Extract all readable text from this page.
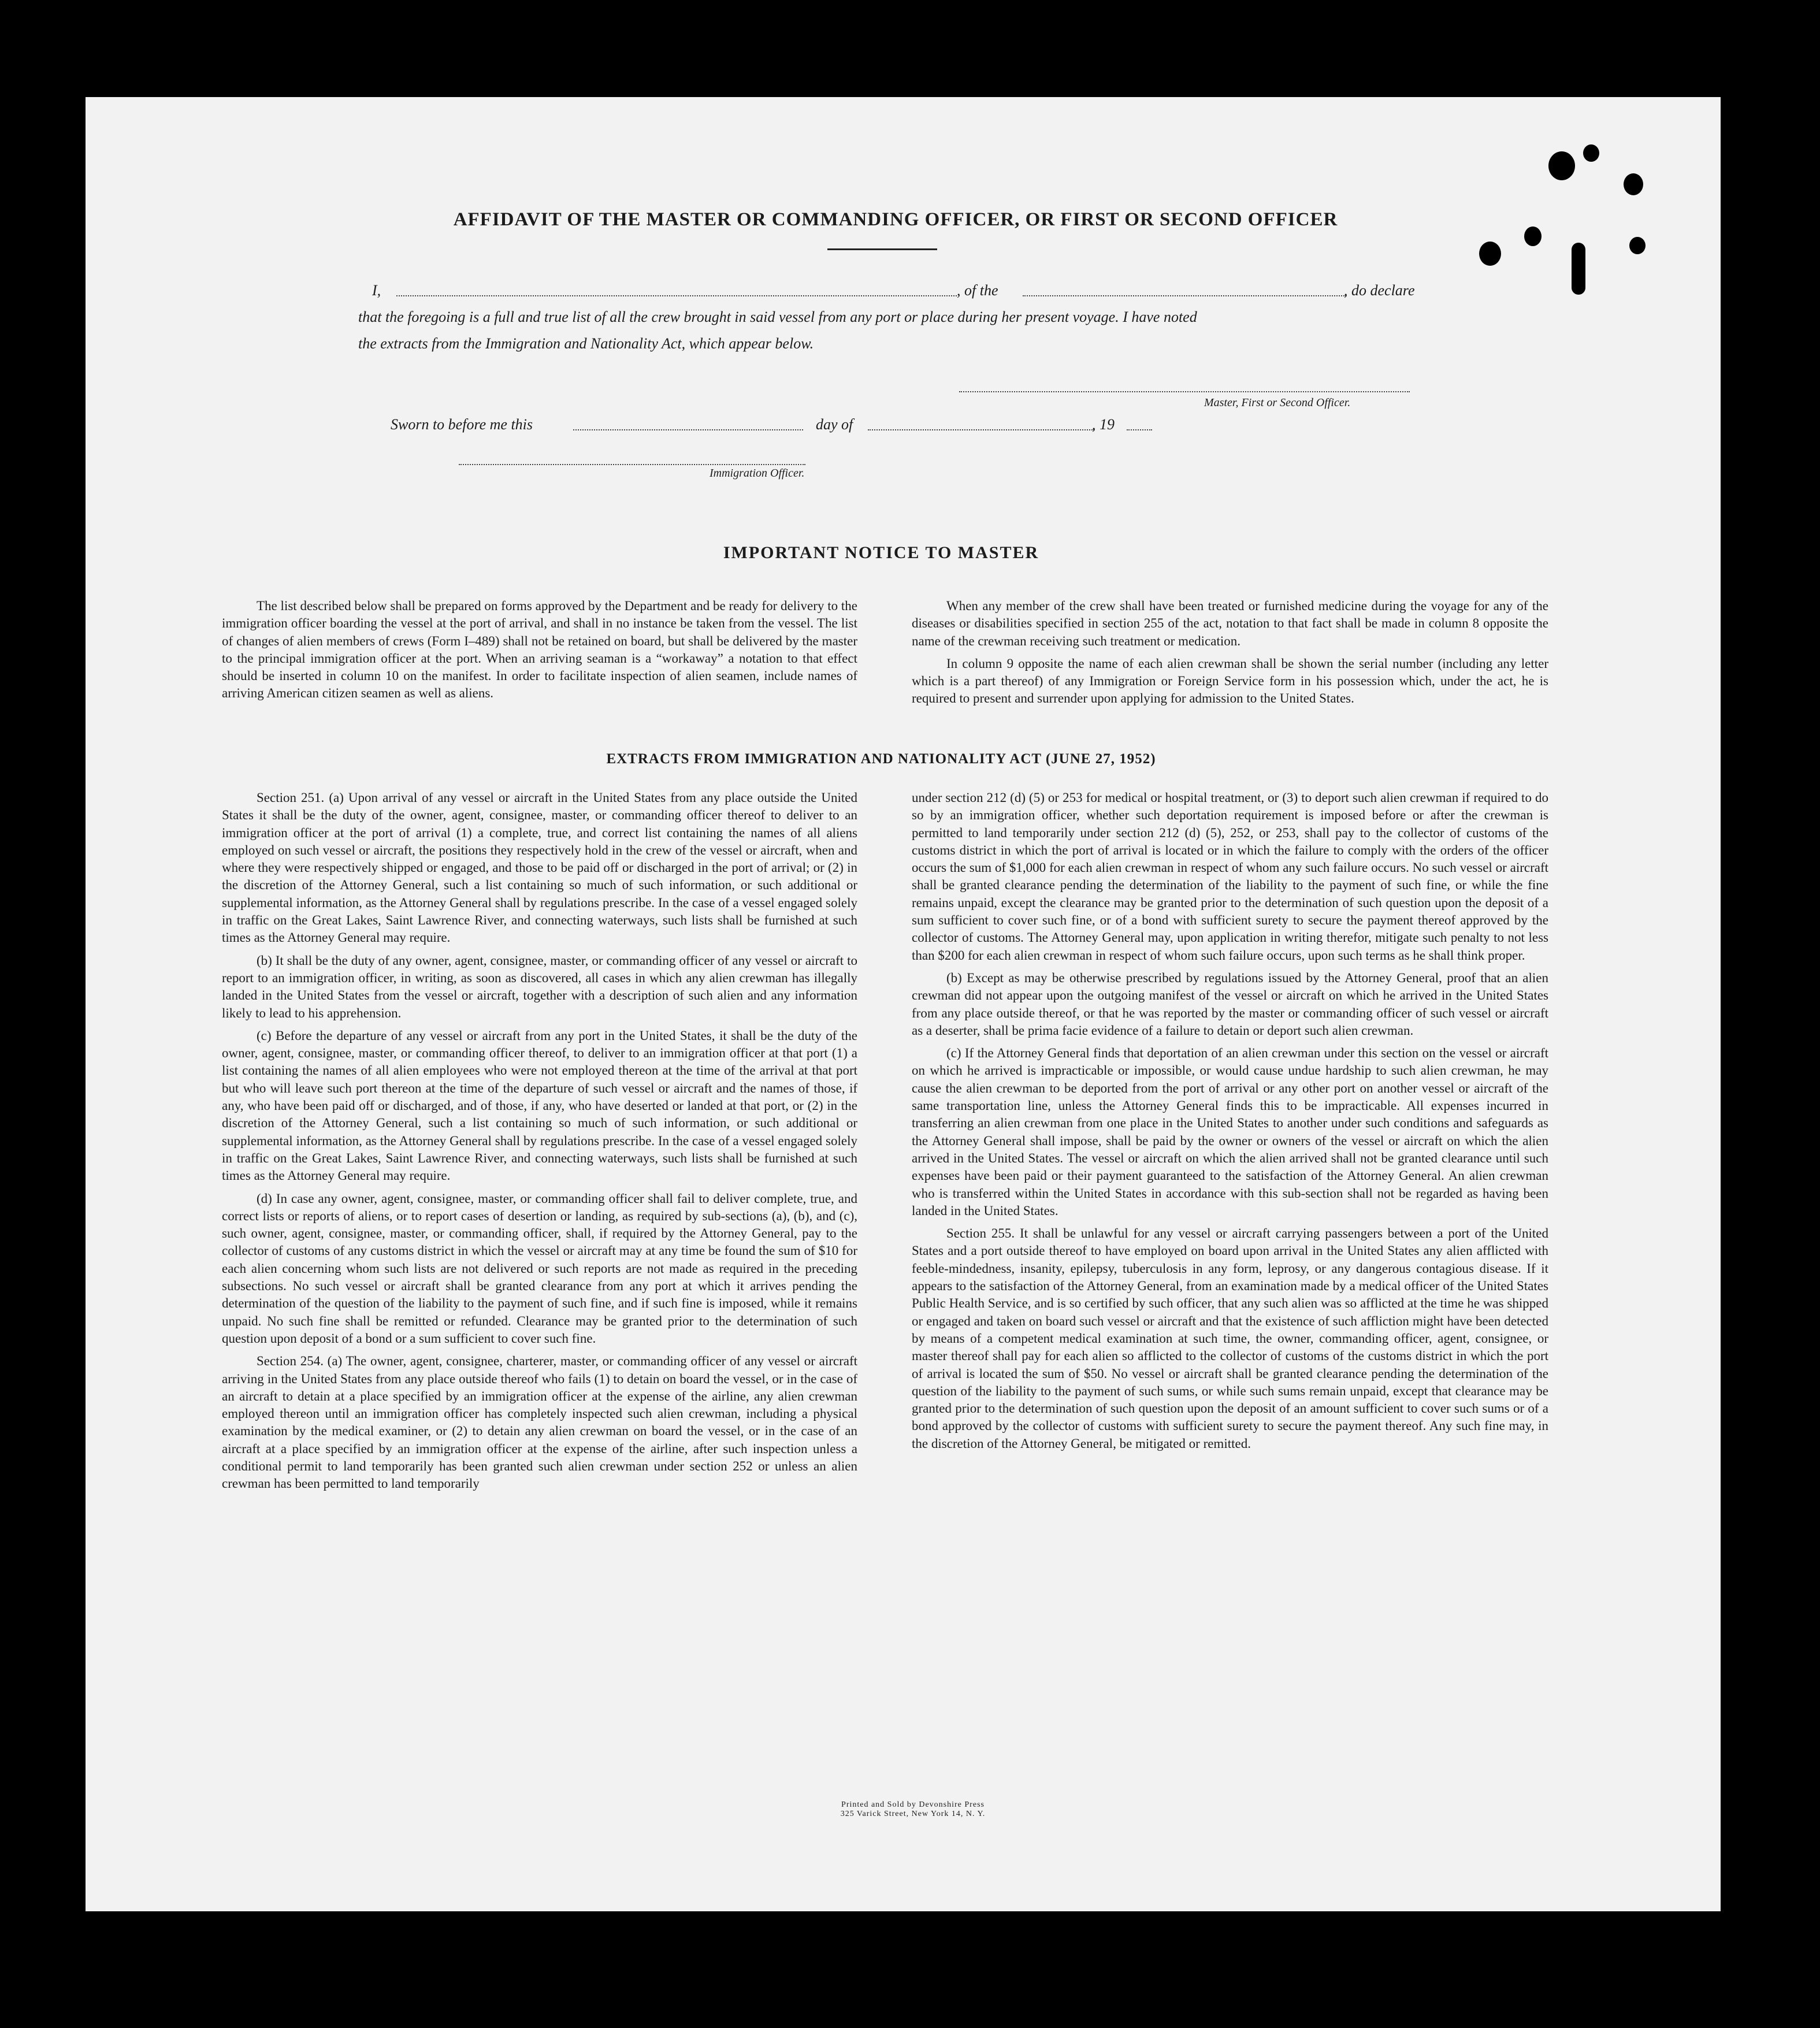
AFFIDAVIT OF THE MASTER OR COMMANDING OFFICER, OR FIRST OR SECOND OFFICER
I,	, of the	, do declare
that the foregoing is a full and true list of all the crew brought in said vessel from any port or place during her present voyage. I have noted
the extracts from the Immigration and Nationality Act, which appear below.
Master, First or Second Officer.
Sworn to before me this	day of	, 19
Immigration Officer.
IMPORTANT NOTICE TO MASTER

The list described below shall be prepared on forms approved by the Department and be ready for delivery to the immigration officer boarding the vessel at the port of arrival, and shall in no instance be taken from the vessel. The list of changes of alien members of crews (Form I–489) shall not be retained on board, but shall be delivered by the master to the principal immigration officer at the port. When an arriving seaman is a “workaway” a notation to that effect should be inserted in column 10 on the manifest. In order to facilitate inspection of alien seamen, include names of arriving American citizen seamen as well as aliens.

When any member of the crew shall have been treated or furnished medicine during the voyage for any of the diseases or disabilities specified in section 255 of the act, notation to that fact shall be made in column 8 opposite the name of the crewman receiving such treatment or medication.

In column 9 opposite the name of each alien crewman shall be shown the serial number (including any letter which is a part thereof) of any Immigration or Foreign Service form in his possession which, under the act, he is required to present and surrender upon applying for admission to the United States.

EXTRACTS FROM IMMIGRATION AND NATIONALITY ACT (JUNE 27, 1952)

Section 251. (a) Upon arrival of any vessel or aircraft in the United States from any place outside the United States it shall be the duty of the owner, agent, consignee, master, or commanding officer thereof to deliver to an immigration officer at the port of arrival (1) a complete, true, and correct list containing the names of all aliens employed on such vessel or aircraft, the positions they respectively hold in the crew of the vessel or aircraft, when and where they were respectively shipped or engaged, and those to be paid off or discharged in the port of arrival; or (2) in the discretion of the Attorney General, such a list containing so much of such information, or such additional or supplemental information, as the Attorney General shall by regulations prescribe. In the case of a vessel engaged solely in traffic on the Great Lakes, Saint Lawrence River, and connecting waterways, such lists shall be furnished at such times as the Attorney General may require.

(b) It shall be the duty of any owner, agent, consignee, master, or commanding officer of any vessel or aircraft to report to an immigration officer, in writing, as soon as discovered, all cases in which any alien crewman has illegally landed in the United States from the vessel or aircraft, together with a description of such alien and any information likely to lead to his apprehension.

(c) Before the departure of any vessel or aircraft from any port in the United States, it shall be the duty of the owner, agent, consignee, master, or commanding officer thereof, to deliver to an immigration officer at that port (1) a list containing the names of all alien employees who were not employed thereon at the time of the arrival at that port but who will leave such port thereon at the time of the departure of such vessel or aircraft and the names of those, if any, who have been paid off or discharged, and of those, if any, who have deserted or landed at that port, or (2) in the discretion of the Attorney General, such a list containing so much of such information, or such additional or supplemental information, as the Attorney General shall by regulations prescribe. In the case of a vessel engaged solely in traffic on the Great Lakes, Saint Lawrence River, and connecting waterways, such lists shall be furnished at such times as the Attorney General may require.

(d) In case any owner, agent, consignee, master, or commanding officer shall fail to deliver complete, true, and correct lists or reports of aliens, or to report cases of desertion or landing, as required by sub-sections (a), (b), and (c), such owner, agent, consignee, master, or commanding officer, shall, if required by the Attorney General, pay to the collector of customs of any customs district in which the vessel or aircraft may at any time be found the sum of $10 for each alien concerning whom such lists are not delivered or such reports are not made as required in the preceding subsections. No such vessel or aircraft shall be granted clearance from any port at which it arrives pending the determination of the question of the liability to the payment of such fine, and if such fine is imposed, while it remains unpaid. No such fine shall be remitted or refunded. Clearance may be granted prior to the determination of such question upon deposit of a bond or a sum sufficient to cover such fine.

Section 254. (a) The owner, agent, consignee, charterer, master, or commanding officer of any vessel or aircraft arriving in the United States from any place outside thereof who fails (1) to detain on board the vessel, or in the case of an aircraft to detain at a place specified by an immigration officer at the expense of the airline, any alien crewman employed thereon until an immigration officer has completely inspected such alien crewman, including a physical examination by the medical examiner, or (2) to detain any alien crewman on board the vessel, or in the case of an aircraft at a place specified by an immigration officer at the expense of the airline, after such inspection unless a conditional permit to land temporarily has been granted such alien crewman under section 252 or unless an alien crewman has been permitted to land temporarily

under section 212 (d) (5) or 253 for medical or hospital treatment, or (3) to deport such alien crewman if required to do so by an immigration officer, whether such deportation requirement is imposed before or after the crewman is permitted to land temporarily under section 212 (d) (5), 252, or 253, shall pay to the collector of customs of the customs district in which the port of arrival is located or in which the failure to comply with the orders of the officer occurs the sum of $1,000 for each alien crewman in respect of whom any such failure occurs. No such vessel or aircraft shall be granted clearance pending the determination of the liability to the payment of such fine, or while the fine remains unpaid, except the clearance may be granted prior to the determination of such question upon the deposit of a sum sufficient to cover such fine, or of a bond with sufficient surety to secure the payment thereof approved by the collector of customs. The Attorney General may, upon application in writing therefor, mitigate such penalty to not less than $200 for each alien crewman in respect of whom such failure occurs, upon such terms as he shall think proper.

(b) Except as may be otherwise prescribed by regulations issued by the Attorney General, proof that an alien crewman did not appear upon the outgoing manifest of the vessel or aircraft on which he arrived in the United States from any place outside thereof, or that he was reported by the master or commanding officer of such vessel or aircraft as a deserter, shall be prima facie evidence of a failure to detain or deport such alien crewman.

(c) If the Attorney General finds that deportation of an alien crewman under this section on the vessel or aircraft on which he arrived is impracticable or impossible, or would cause undue hardship to such alien crewman, he may cause the alien crewman to be deported from the port of arrival or any other port on another vessel or aircraft of the same transportation line, unless the Attorney General finds this to be impracticable. All expenses incurred in transferring an alien crewman from one place in the United States to another under such conditions and safeguards as the Attorney General shall impose, shall be paid by the owner or owners of the vessel or aircraft on which the alien arrived in the United States. The vessel or aircraft on which the alien arrived shall not be granted clearance until such expenses have been paid or their payment guaranteed to the satisfaction of the Attorney General. An alien crewman who is transferred within the United States in accordance with this sub-section shall not be regarded as having been landed in the United States.

Section 255. It shall be unlawful for any vessel or aircraft carrying passengers between a port of the United States and a port outside thereof to have employed on board upon arrival in the United States any alien afflicted with feeble-mindedness, insanity, epilepsy, tuberculosis in any form, leprosy, or any dangerous contagious disease. If it appears to the satisfaction of the Attorney General, from an examination made by a medical officer of the United States Public Health Service, and is so certified by such officer, that any such alien was so afflicted at the time he was shipped or engaged and taken on board such vessel or aircraft and that the existence of such affliction might have been detected by means of a competent medical examination at such time, the owner, commanding officer, agent, consignee, or master thereof shall pay for each alien so afflicted to the collector of customs of the customs district in which the port of arrival is located the sum of $50. No vessel or aircraft shall be granted clearance pending the determination of the question of the liability to the payment of such sums, or while such sums remain unpaid, except that clearance may be granted prior to the determination of such question upon the deposit of an amount sufficient to cover such sums or of a bond approved by the collector of customs with sufficient surety to secure the payment thereof. Any such fine may, in the discretion of the Attorney General, be mitigated or remitted.

Printed and Sold by Devonshire Press
325 Varick Street, New York 14, N. Y.
